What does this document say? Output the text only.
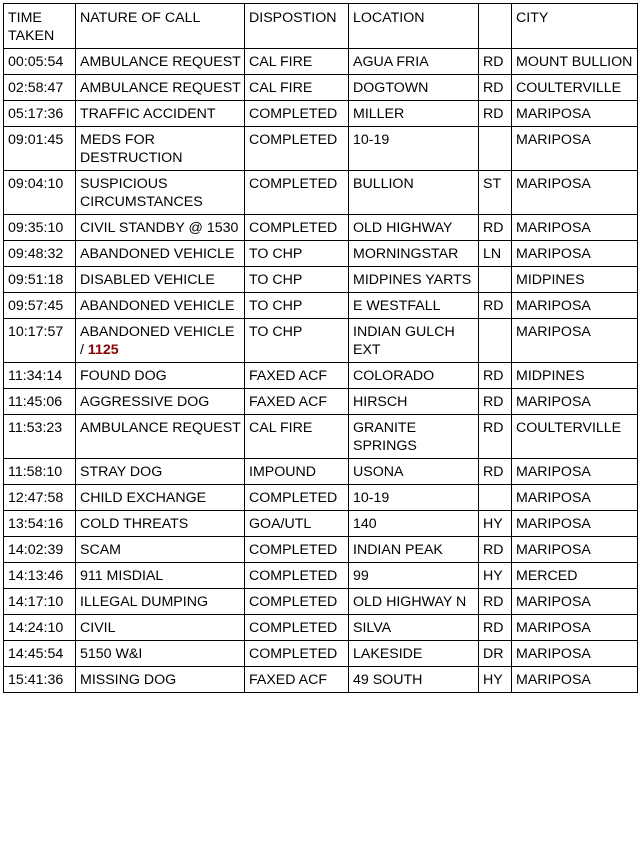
TIME TAKEN	NATURE OF CALL	DISPOSTION	LOCATION		CITY
00:05:54	AMBULANCE REQUEST	CAL FIRE	AGUA FRIA	RD	MOUNT BULLION
02:58:47	AMBULANCE REQUEST	CAL FIRE	DOGTOWN	RD	COULTERVILLE
05:17:36	TRAFFIC ACCIDENT	COMPLETED	MILLER	RD	MARIPOSA
09:01:45	MEDS FOR DESTRUCTION	COMPLETED	10-19		MARIPOSA
09:04:10	SUSPICIOUS CIRCUMSTANCES	COMPLETED	BULLION	ST	MARIPOSA
09:35:10	CIVIL STANDBY @ 1530	COMPLETED	OLD HIGHWAY	RD	MARIPOSA
09:48:32	ABANDONED VEHICLE	TO CHP	MORNINGSTAR	LN	MARIPOSA
09:51:18	DISABLED VEHICLE	TO CHP	MIDPINES YARTS		MIDPINES
09:57:45	ABANDONED VEHICLE	TO CHP	E WESTFALL	RD	MARIPOSA
10:17:57	ABANDONED VEHICLE / 1125	TO CHP	INDIAN GULCH EXT		MARIPOSA
11:34:14	FOUND DOG	FAXED ACF	COLORADO	RD	MIDPINES
11:45:06	AGGRESSIVE DOG	FAXED ACF	HIRSCH	RD	MARIPOSA
11:53:23	AMBULANCE REQUEST	CAL FIRE	GRANITE SPRINGS	RD	COULTERVILLE
11:58:10	STRAY DOG	IMPOUND	USONA	RD	MARIPOSA
12:47:58	CHILD EXCHANGE	COMPLETED	10-19		MARIPOSA
13:54:16	COLD THREATS	GOA/UTL	140	HY	MARIPOSA
14:02:39	SCAM	COMPLETED	INDIAN PEAK	RD	MARIPOSA
14:13:46	911 MISDIAL	COMPLETED	99	HY	MERCED
14:17:10	ILLEGAL DUMPING	COMPLETED	OLD HIGHWAY N	RD	MARIPOSA
14:24:10	CIVIL	COMPLETED	SILVA	RD	MARIPOSA
14:45:54	5150 W&I	COMPLETED	LAKESIDE	DR	MARIPOSA
15:41:36	MISSING DOG	FAXED ACF	49 SOUTH	HY	MARIPOSA
